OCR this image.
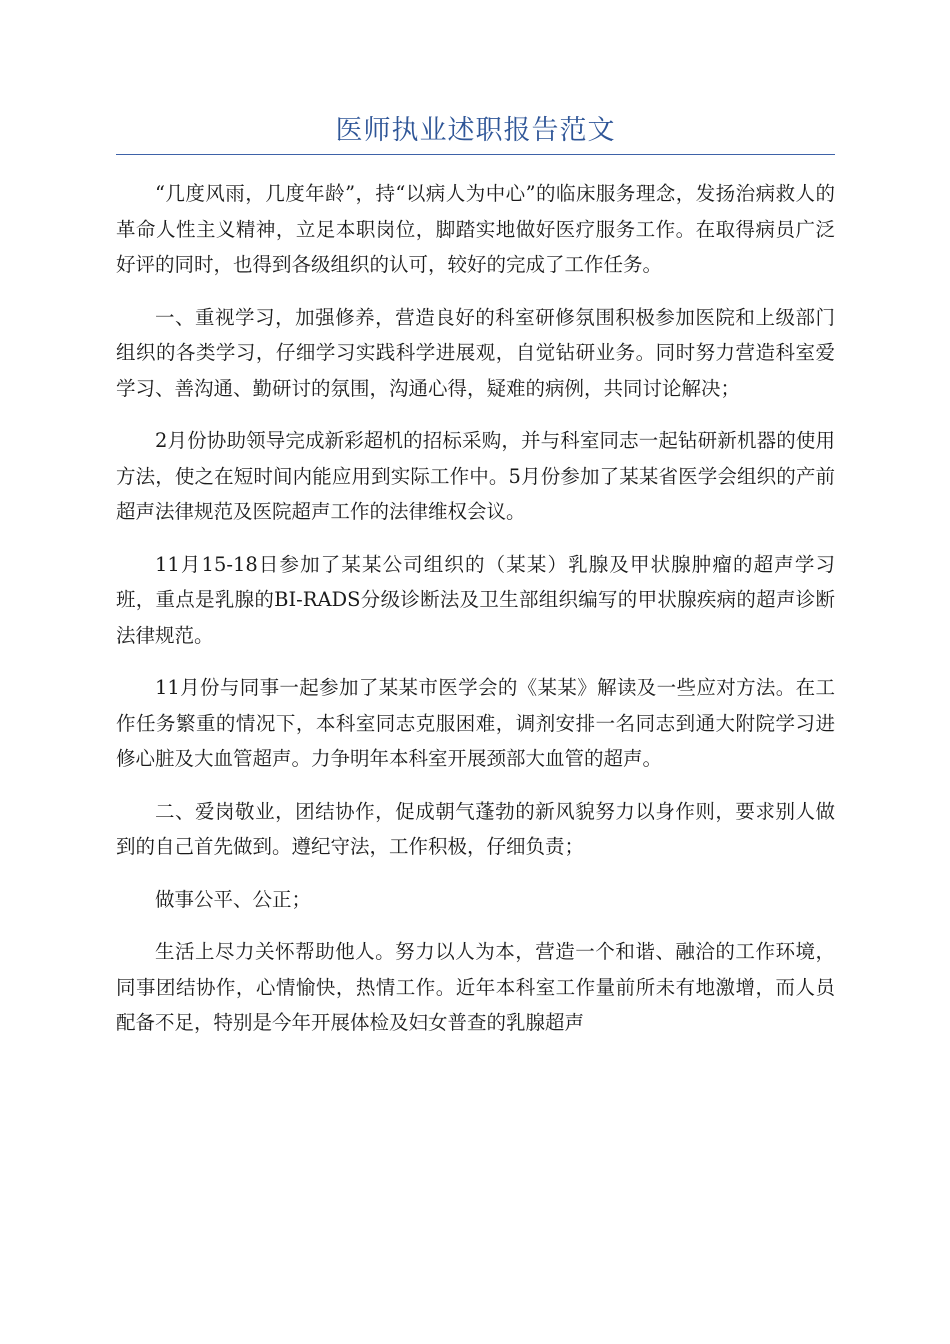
医师执业述职报告范文

“几度风雨，几度年龄”，持“以病人为中心”的临床服务理念，发扬治病救人的革命人性主义精神，立足本职岗位，脚踏实地做好医疗服务工作。在取得病员广泛好评的同时，也得到各级组织的认可，较好的完成了工作任务。

一、重视学习，加强修养，营造良好的科室研修氛围积极参加医院和上级部门组织的各类学习，仔细学习实践科学进展观，自觉钻研业务。同时努力营造科室爱学习、善沟通、勤研讨的氛围，沟通心得，疑难的病例，共同讨论解决；

2月份协助领导完成新彩超机的招标采购，并与科室同志一起钻研新机器的使用方法，使之在短时间内能应用到实际工作中。5月份参加了某某省医学会组织的产前超声法律规范及医院超声工作的法律维权会议。

11月15-18日参加了某某公司组织的（某某）乳腺及甲状腺肿瘤的超声学习班，重点是乳腺的BI-RADS分级诊断法及卫生部组织编写的甲状腺疾病的超声诊断法律规范。

11月份与同事一起参加了某某市医学会的《某某》解读及一些应对方法。在工作任务繁重的情况下，本科室同志克服困难，调剂安排一名同志到通大附院学习进修心脏及大血管超声。力争明年本科室开展颈部大血管的超声。

二、爱岗敬业，团结协作，促成朝气蓬勃的新风貌努力以身作则，要求别人做到的自己首先做到。遵纪守法，工作积极，仔细负责；

做事公平、公正；

生活上尽力关怀帮助他人。努力以人为本，营造一个和谐、融洽的工作环境，同事团结协作，心情愉快，热情工作。近年本科室工作量前所未有地激增，而人员配备不足，特别是今年开展体检及妇女普查的乳腺超声
